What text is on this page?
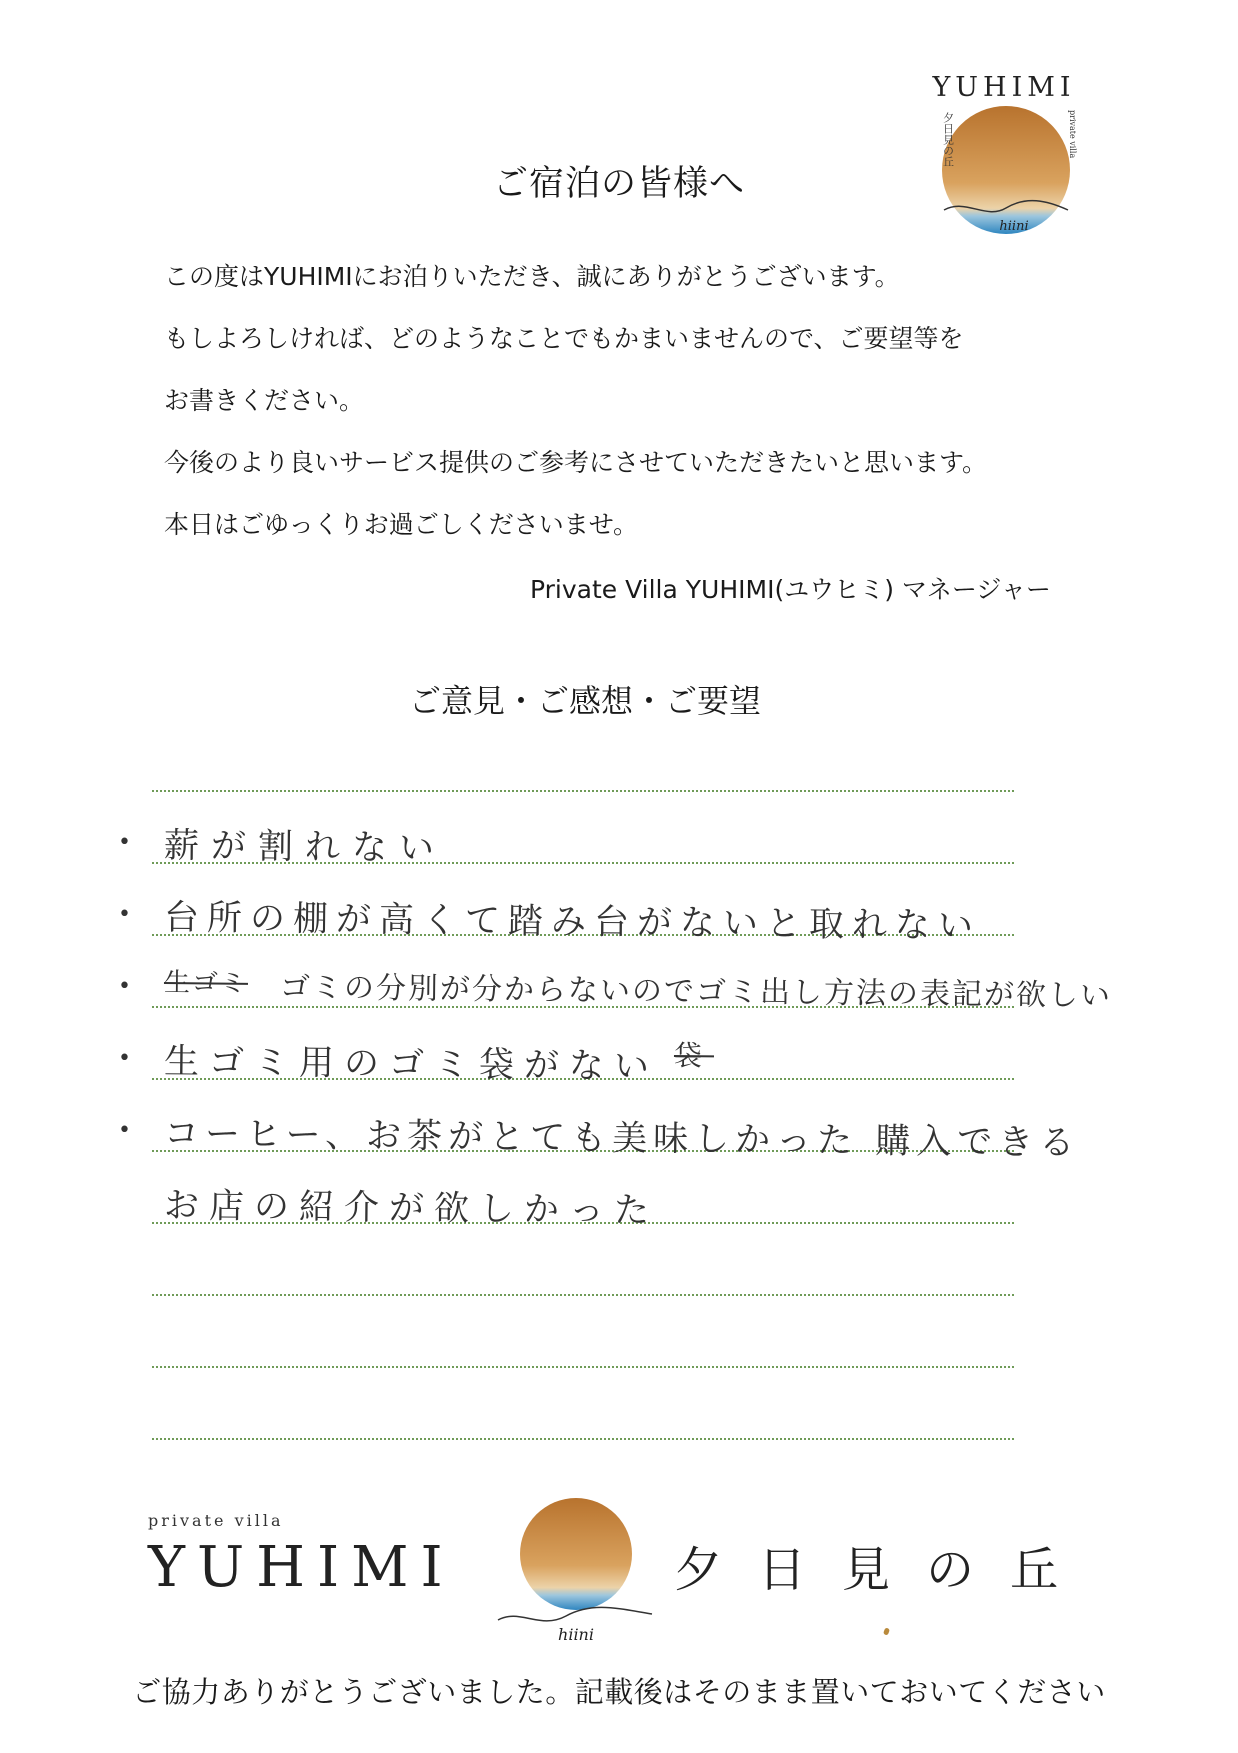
YUHIMI
夕日見の丘	private villa
hiini
ご宿泊の皆様へ
この度はYUHIMIにお泊りいただき、誠にありがとうございます。
もしよろしければ、どのようなことでもかまいませんので、ご要望等を
お書きください。
今後のより良いサービス提供のご参考にさせていただきたいと思います。
本日はごゆっくりお過ごしくださいませ。
Private Villa YUHIMI(ユウヒミ) マネージャー
ご意見・ご感想・ご要望
• 薪が割れない
• 台所の棚が高くて踏み台がないと取れない
• 生ゴミ ゴミの分別が分からないのでゴミ出し方法の表記が欲しい
• 生ゴミ用のゴミ袋がない 袋
• コーヒー、お茶がとても美味しかった 購入できる
お店の紹介が欲しかった
private villa
YUHIMI	夕日見の丘
hiini
ご協力ありがとうございました。記載後はそのまま置いておいてください
